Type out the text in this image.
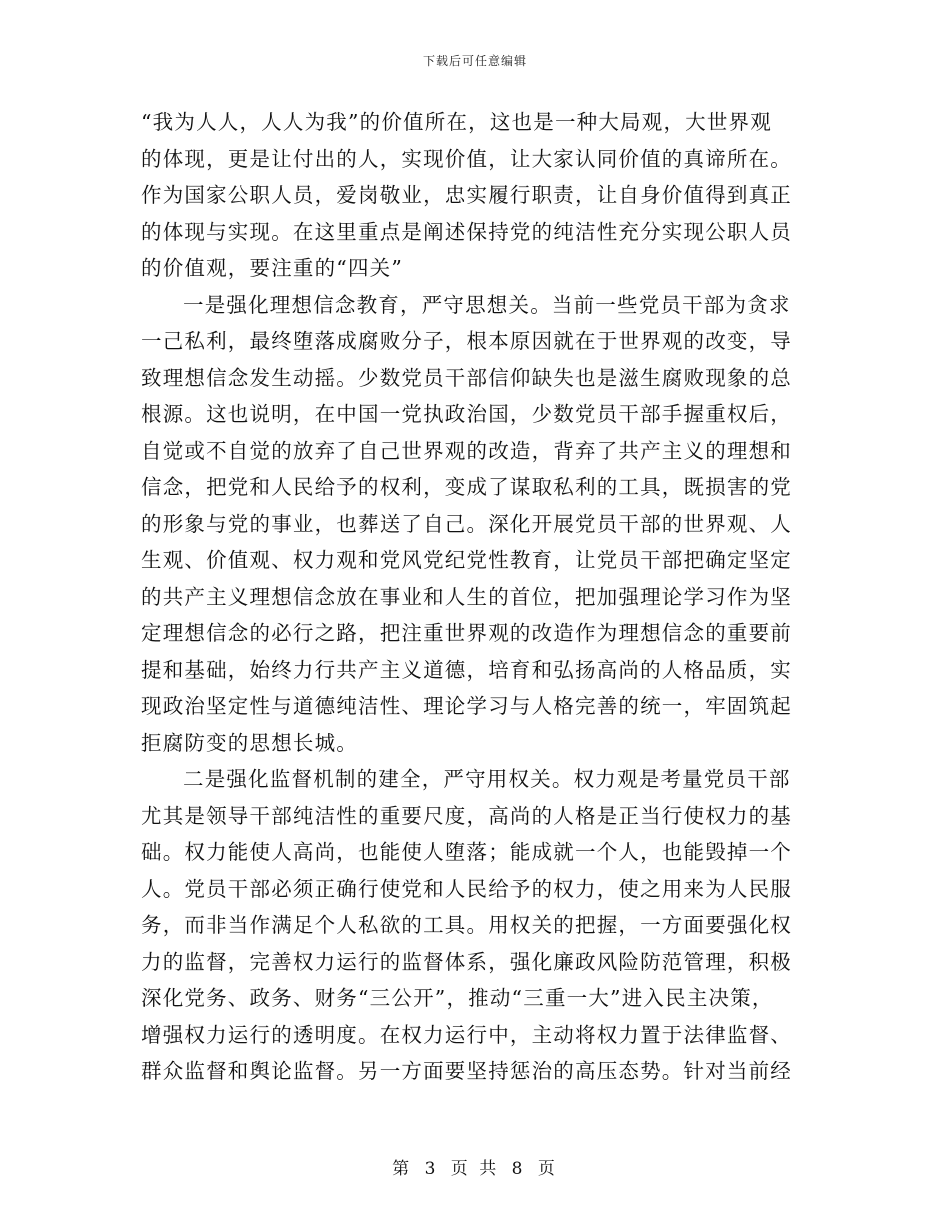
下载后可任意编辑
“我为人人，人人为我”的价值所在，这也是一种大局观，大世界观
的体现，更是让付出的人，实现价值，让大家认同价值的真谛所在。
作为国家公职人员，爱岗敬业，忠实履行职责，让自身价值得到真正
的体现与实现。在这里重点是阐述保持党的纯洁性充分实现公职人员
的价值观，要注重的“四关”
一是强化理想信念教育，严守思想关。当前一些党员干部为贪求
一己私利，最终堕落成腐败分子，根本原因就在于世界观的改变，导
致理想信念发生动摇。少数党员干部信仰缺失也是滋生腐败现象的总
根源。这也说明，在中国一党执政治国，少数党员干部手握重权后，
自觉或不自觉的放弃了自己世界观的改造，背弃了共产主义的理想和
信念，把党和人民给予的权利，变成了谋取私利的工具，既损害的党
的形象与党的事业，也葬送了自己。深化开展党员干部的世界观、人
生观、价值观、权力观和党风党纪党性教育，让党员干部把确定坚定
的共产主义理想信念放在事业和人生的首位，把加强理论学习作为坚
定理想信念的必行之路，把注重世界观的改造作为理想信念的重要前
提和基础，始终力行共产主义道德，培育和弘扬高尚的人格品质，实
现政治坚定性与道德纯洁性、理论学习与人格完善的统一，牢固筑起
拒腐防变的思想长城。
二是强化监督机制的建全，严守用权关。权力观是考量党员干部
尤其是领导干部纯洁性的重要尺度，高尚的人格是正当行使权力的基
础。权力能使人高尚，也能使人堕落；能成就一个人，也能毁掉一个
人。党员干部必须正确行使党和人民给予的权力，使之用来为人民服
务，而非当作满足个人私欲的工具。用权关的把握，一方面要强化权
力的监督，完善权力运行的监督体系，强化廉政风险防范管理，积极
深化党务、政务、财务“三公开”，推动“三重一大”进入民主决策，
增强权力运行的透明度。在权力运行中，主动将权力置于法律监督、
群众监督和舆论监督。另一方面要坚持惩治的高压态势。针对当前经
第 3 页 共 8 页
